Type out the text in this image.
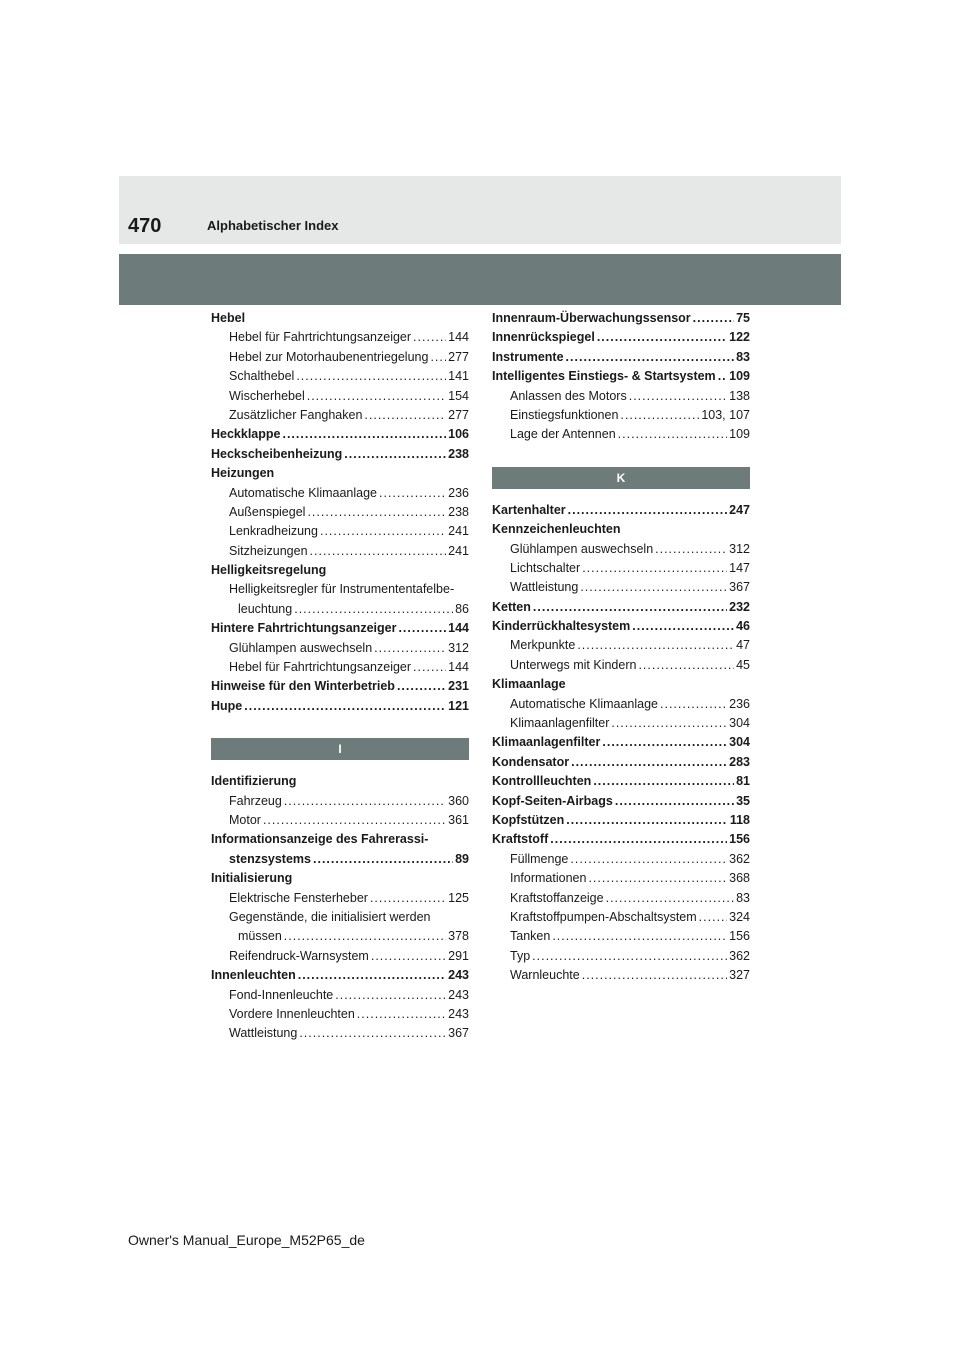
470	Alphabetischer Index
Hebel
Hebel für Fahrtrichtungsanzeiger .....	144
Hebel zur Motorhaubenentriegelung ..... 277
Schalthebel .....	141
Wischerhebel .....	154
Zusätzlicher Fanghaken .....	277
Heckklappe .....	106
Heckscheibenheizung .....	238
Heizungen
Automatische Klimaanlage .....	236
Außenspiegel .....	238
Lenkradheizung .....	241
Sitzheizungen .....	241
Helligkeitsregelung
Helligkeitsregler für Instrumententafelbe-
leuchtung .....	86
Hintere Fahrtrichtungsanzeiger .....	144
Glühlampen auswechseln .....	312
Hebel für Fahrtrichtungsanzeiger .....	144
Hinweise für den Winterbetrieb .....	231
Hupe .....	121
I
Identifizierung
Fahrzeug .....	360
Motor .....	361
Informationsanzeige des Fahrerassi-
stenzsystems .....	89
Initialisierung
Elektrische Fensterheber .....	125
Gegenstände, die initialisiert werden
müssen .....	378
Reifendruck-Warnsystem .....	291
Innenleuchten .....	243
Fond-Innenleuchte .....	243
Vordere Innenleuchten .....	243
Wattleistung .....	367
Innenraum-Überwachungssensor .....	75
Innenrückspiegel .....	122
Instrumente .....	83
Intelligentes Einstiegs- & Startsystem ..... 109
Anlassen des Motors .....	138
Einstiegsfunktionen .....	103, 107
Lage der Antennen .....	109
K
Kartenhalter .....	247
Kennzeichenleuchten
Glühlampen auswechseln .....	312
Lichtschalter .....	147
Wattleistung .....	367
Ketten .....	232
Kinderrückhaltesystem .....	46
Merkpunkte .....	47
Unterwegs mit Kindern .....	45
Klimaanlage
Automatische Klimaanlage .....	236
Klimaanlagenfilter .....	304
Klimaanlagenfilter .....	304
Kondensator .....	283
Kontrollleuchten .....	81
Kopf-Seiten-Airbags .....	35
Kopfstützen .....	118
Kraftstoff .....	156
Füllmenge .....	362
Informationen .....	368
Kraftstoffanzeige .....	83
Kraftstoffpumpen-Abschaltsystem .....	324
Tanken .....	156
Typ .....	362
Warnleuchte .....	327
Owner's Manual_Europe_M52P65_de
